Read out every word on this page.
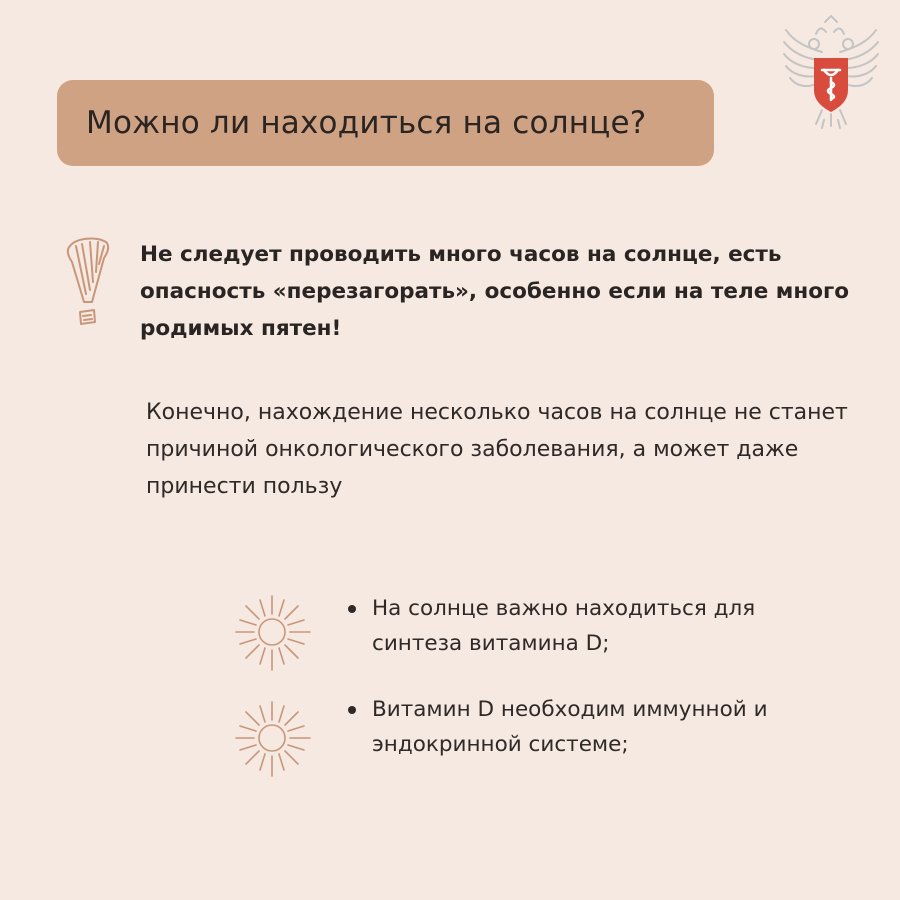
Можно ли находиться на солнце?

Не следует проводить много часов на солнце, есть опасность «перезагорать», особенно если на теле много родимых пятен!

Конечно, нахождение несколько часов на солнце не станет причиной онкологического заболевания, а может даже принести пользу

На солнце важно находиться для синтеза витамина D;
Витамин D необходим иммунной и эндокринной системе;
